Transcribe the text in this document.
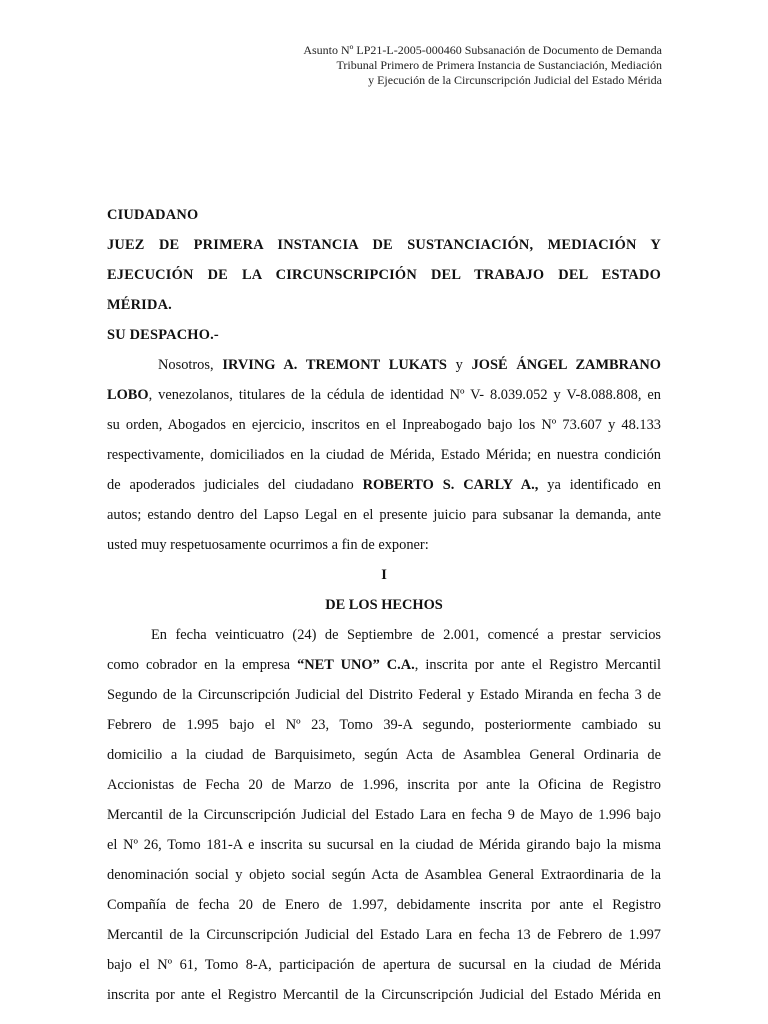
Asunto Nº LP21-L-2005-000460 Subsanación de Documento de Demanda
Tribunal Primero de Primera Instancia de Sustanciación, Mediación
y Ejecución de la Circunscripción Judicial del Estado Mérida
CIUDADANO
JUEZ DE PRIMERA INSTANCIA DE SUSTANCIACIÓN, MEDIACIÓN Y
EJECUCIÓN DE LA CIRCUNSCRIPCIÓN DEL TRABAJO DEL ESTADO
MÉRIDA.
SU DESPACHO.-
Nosotros, IRVING A. TREMONT LUKATS y JOSÉ ÁNGEL ZAMBRANO
LOBO, venezolanos, titulares de la cédula de identidad Nº V- 8.039.052 y V-8.088.808, en
su orden, Abogados en ejercicio, inscritos en el Inpreabogado bajo los Nº 73.607 y 48.133
respectivamente, domiciliados en la ciudad de Mérida, Estado Mérida; en nuestra condición
de apoderados judiciales del ciudadano ROBERTO S. CARLY A., ya identificado en
autos; estando dentro del Lapso Legal en el presente juicio para subsanar la demanda, ante
usted muy respetuosamente ocurrimos a fin de exponer:
I
DE LOS HECHOS
En fecha veinticuatro (24) de Septiembre de 2.001, comencé a prestar servicios
como cobrador en la empresa “NET UNO” C.A., inscrita por ante el Registro Mercantil
Segundo de la Circunscripción Judicial del Distrito Federal y Estado Miranda en fecha 3 de
Febrero de 1.995 bajo el Nº 23, Tomo 39-A segundo, posteriormente cambiado su
domicilio a la ciudad de Barquisimeto, según Acta de Asamblea General Ordinaria de
Accionistas de Fecha 20 de Marzo de 1.996, inscrita por ante la Oficina de Registro
Mercantil de la Circunscripción Judicial del Estado Lara en fecha 9 de Mayo de 1.996 bajo
el Nº 26, Tomo 181-A e inscrita su sucursal en la ciudad de Mérida girando bajo la misma
denominación social y objeto social según Acta de Asamblea General Extraordinaria de la
Compañía de fecha 20 de Enero de 1.997, debidamente inscrita por ante el Registro
Mercantil de la Circunscripción Judicial del Estado Lara en fecha 13 de Febrero de 1.997
bajo el Nº 61, Tomo 8-A, participación de apertura de sucursal en la ciudad de Mérida
inscrita por ante el Registro Mercantil de la Circunscripción Judicial del Estado Mérida en
